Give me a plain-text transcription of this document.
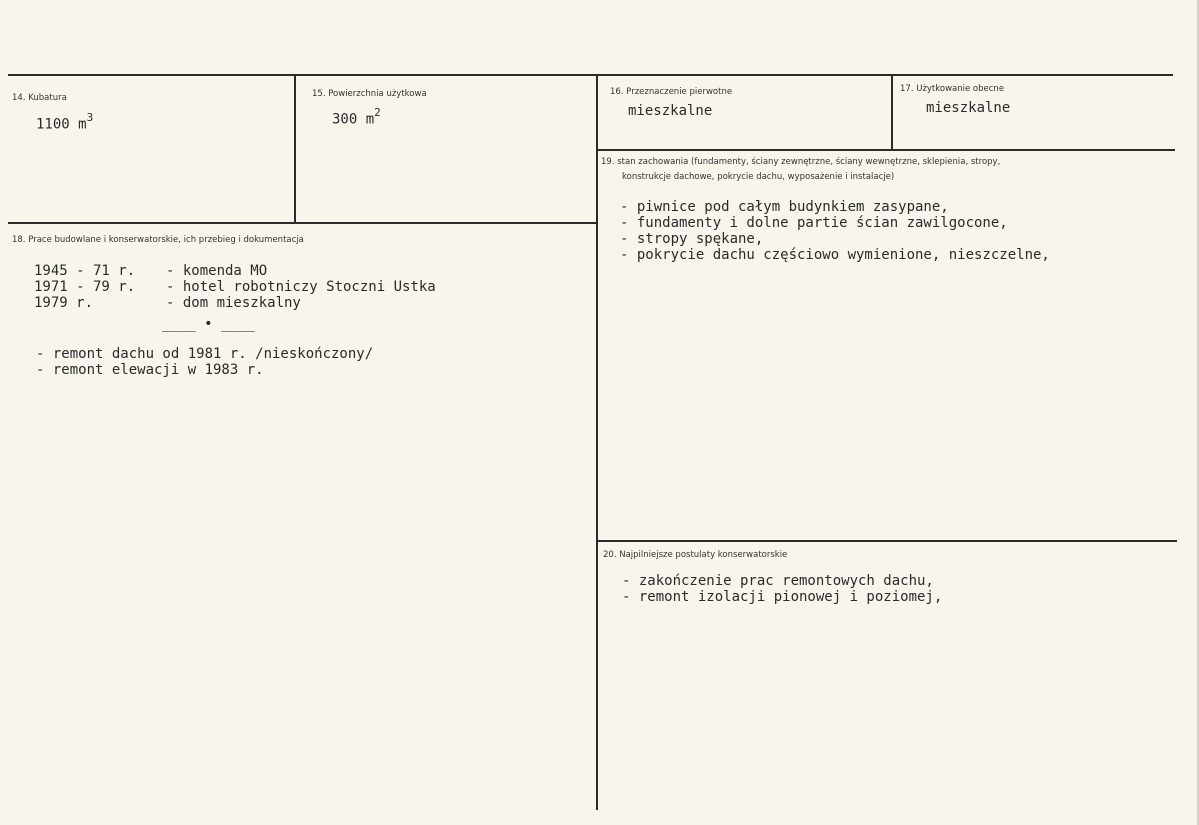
14. Kubatura
1100 $m^3$
15. Powierzchnia użytkowa
300 $m^2$
16. Przeznaczenie pierwotne
mieszkalne
17. Użytkowanie obecne
mieszkalne
18. Prace budowlane i konserwatorskie, ich przebieg i dokumentacja
1945 - 71 r. - komenda MO
1971 - 79 r. - hotel robotniczy Stoczni Ustka
1979 r.	- dom mieszkalny
____ • ____
- remont dachu od 1981 r. /nieskończony/
- remont elewacji w 1983 r.
19. stan zachowania (fundamenty, ściany zewnętrzne, ściany wewnętrzne, sklepienia, stropy,
konstrukcje dachowe, pokrycie dachu, wyposażenie i instalacje)
- piwnice pod całym budynkiem zasypane,
- fundamenty i dolne partie ścian zawilgocone,
- stropy spękane,
- pokrycie dachu częściowo wymienione, nieszczelne,
20. Najpilniejsze postulaty konserwatorskie
- zakończenie prac remontowych dachu,
- remont izolacji pionowej i poziomej,
